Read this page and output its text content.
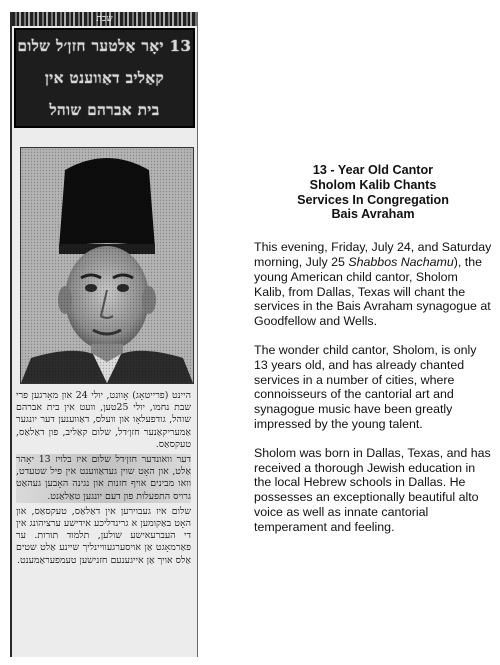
שבת
13 יאָר אַלטער חזן׳ל שלום
קאַליב דאַווענט אין
בית אברהם שוהל

היינט (פרייטאָג) אָוונט, יולי 24 און מאָרגען פרי שבת נחמו, יולי 25טען, וועט אין בית אברהם שוהל, גודפעלאָו און וועלס, דאַווענען דער יונגער אַמעריקאַנער חזן׳דל, שלום קאַליב, פון דאַלאַס, טעקסאַס.

דער וואונדער חזן׳דל שלום איז בלויז 13 יאָהר אַלט, און האָט שוין געדאַווענט אין פיל שטעדט, וואו מבינים אויף חזנות און נגינה האָבען געהאַט גרויס התפעלות פון דעם יונגען טאַלאַנט.

שלום איז געבוירען אין דאַלאַס, טעקסאַס, און האָט באַקומען א גרינדליכע אידישע ערציהונג אין די העברעאישע שולען, תלמוד תורות. ער פאַרמאָגט אַן אויסערגעוויינליך שיינע אַלט שטים אַלס אויך אַן אייגענעם חזנישען טעמפעראַמענט.

13 - Year Old Cantor
Sholom Kalib Chants
Services In Congregation
Bais Avraham

This evening, Friday, July 24, and Saturday morning, July 25 Shabbos Nachamu), the young American child cantor, Sholom Kalib, from Dallas, Texas will chant the services in the Bais Avraham synagogue at Goodfellow and Wells.

The wonder child cantor, Sholom, is only 13 years old, and has already chanted services in a number of cities, where connoisseurs of the cantorial art and synagogue music have been greatly impressed by the young talent.

Sholom was born in Dallas, Texas, and has received a thorough Jewish education in the local Hebrew schools in Dallas. He possesses an exceptionally beautiful alto voice as well as innate cantorial temperament and feeling.
